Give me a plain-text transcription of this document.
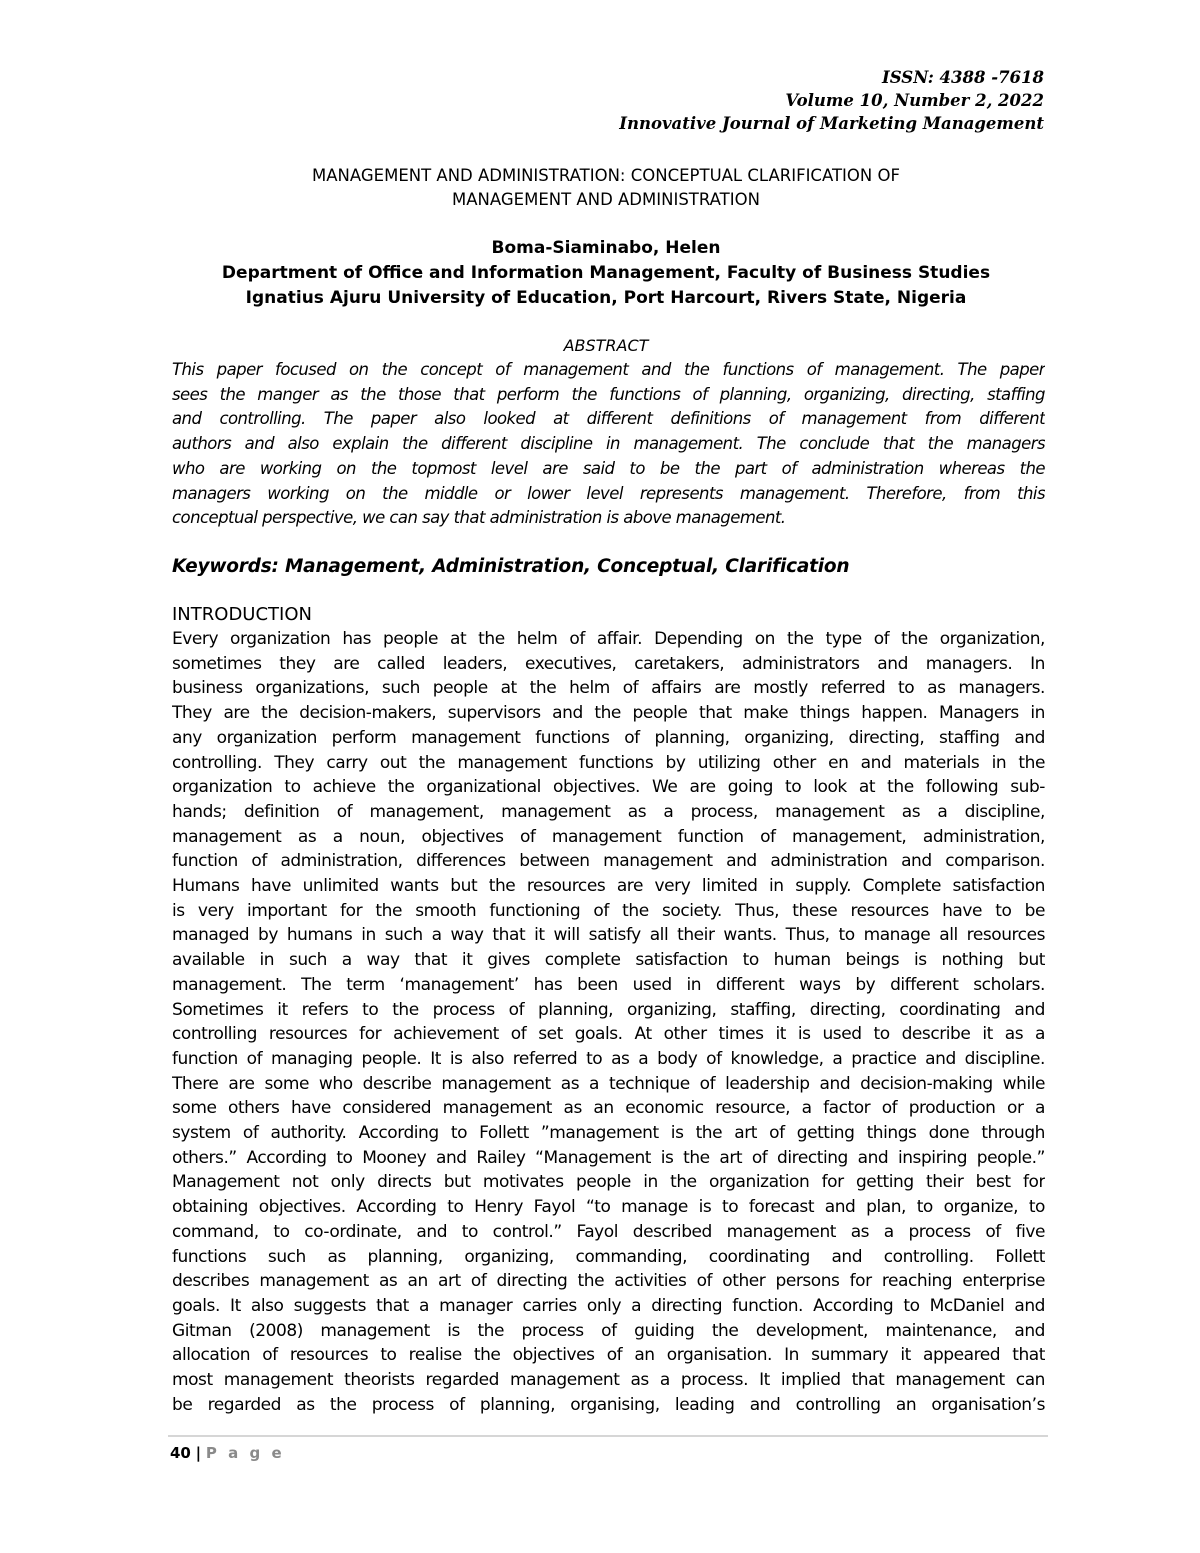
ISSN: 4388 -7618
Volume 10, Number 2, 2022
Innovative Journal of Marketing Management
MANAGEMENT AND ADMINISTRATION: CONCEPTUAL CLARIFICATION OF
MANAGEMENT AND ADMINISTRATION
Boma-Siaminabo, Helen
Department of Office and Information Management, Faculty of Business Studies
Ignatius Ajuru University of Education, Port Harcourt, Rivers State, Nigeria
ABSTRACT
This paper focused on the concept of management and the functions of management. The paper
sees the manger as the those that perform the functions of planning, organizing, directing, staffing
and controlling. The paper also looked at different definitions of management from different
authors and also explain the different discipline in management. The conclude that the managers
who are working on the topmost level are said to be the part of administration whereas the
managers working on the middle or lower level represents management. Therefore, from this
conceptual perspective, we can say that administration is above management.
Keywords: Management, Administration, Conceptual, Clarification
INTRODUCTION
Every organization has people at the helm of affair. Depending on the type of the organization,
sometimes they are called leaders, executives, caretakers, administrators and managers. In
business organizations, such people at the helm of affairs are mostly referred to as managers.
They are the decision-makers, supervisors and the people that make things happen. Managers in
any organization perform management functions of planning, organizing, directing, staffing and
controlling. They carry out the management functions by utilizing other en and materials in the
organization to achieve the organizational objectives. We are going to look at the following sub-
hands; definition of management, management as a process, management as a discipline,
management as a noun, objectives of management function of management, administration,
function of administration, differences between management and administration and comparison.
Humans have unlimited wants but the resources are very limited in supply. Complete satisfaction
is very important for the smooth functioning of the society. Thus, these resources have to be
managed by humans in such a way that it will satisfy all their wants. Thus, to manage all resources
available in such a way that it gives complete satisfaction to human beings is nothing but
management. The term ‘management’ has been used in different ways by different scholars.
Sometimes it refers to the process of planning, organizing, staffing, directing, coordinating and
controlling resources for achievement of set goals. At other times it is used to describe it as a
function of managing people. It is also referred to as a body of knowledge, a practice and discipline.
There are some who describe management as a technique of leadership and decision-making while
some others have considered management as an economic resource, a factor of production or a
system of authority. According to Follett ”management is the art of getting things done through
others.” According to Mooney and Railey “Management is the art of directing and inspiring people.”
Management not only directs but motivates people in the organization for getting their best for
obtaining objectives. According to Henry Fayol “to manage is to forecast and plan, to organize, to
command, to co-ordinate, and to control.” Fayol described management as a process of five
functions such as planning, organizing, commanding, coordinating and controlling. Follett
describes management as an art of directing the activities of other persons for reaching enterprise
goals. It also suggests that a manager carries only a directing function. According to McDaniel and
Gitman (2008) management is the process of guiding the development, maintenance, and
allocation of resources to realise the objectives of an organisation. In summary it appeared that
most management theorists regarded management as a process. It implied that management can
be regarded as the process of planning, organising, leading and controlling an organisation’s
40 | P a g e
